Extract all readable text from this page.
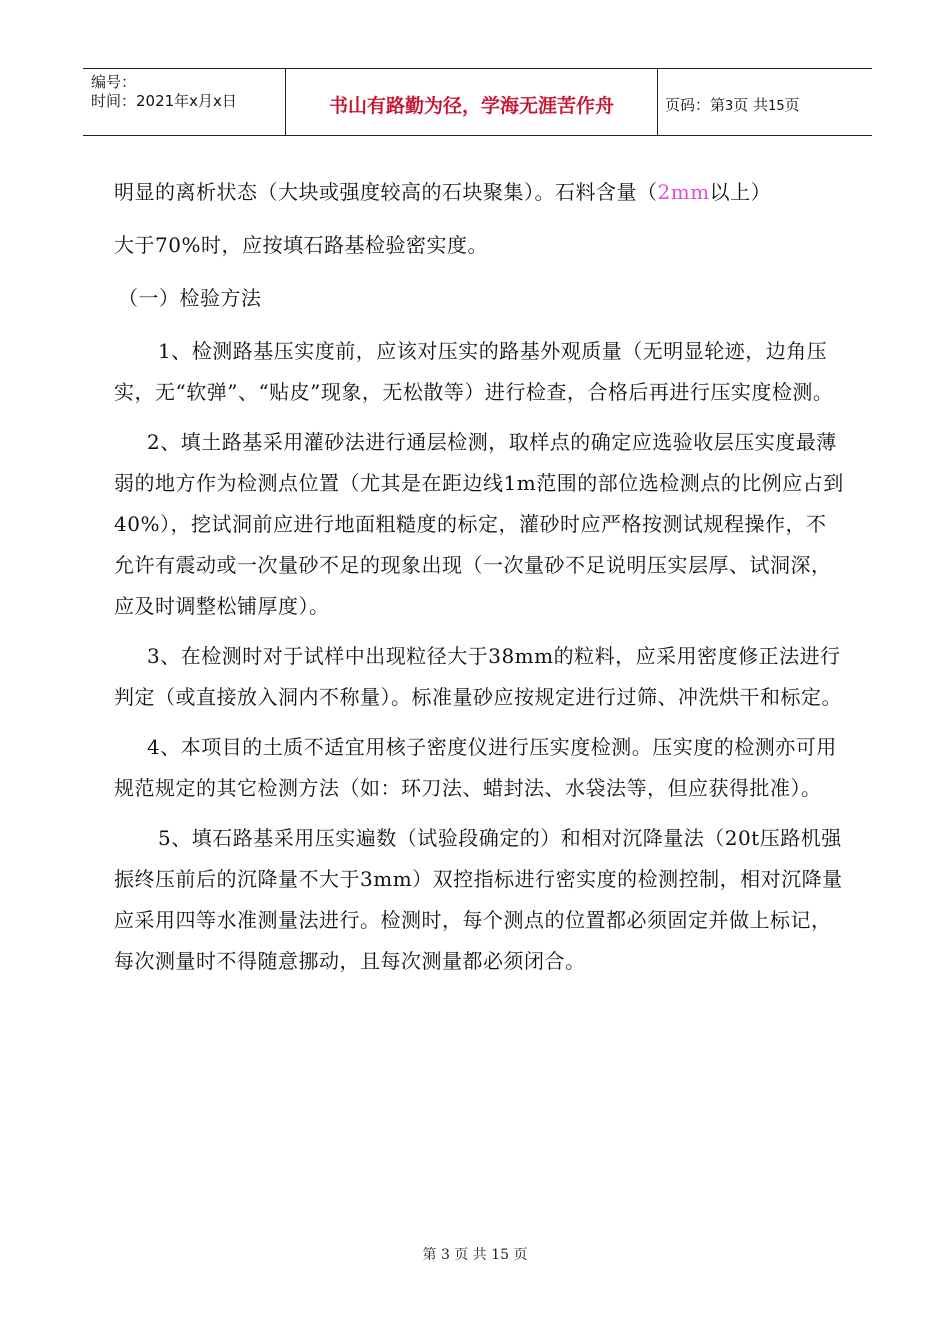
编号：
时间：2021年x月x日	书山有路勤为径，学海无涯苦作舟	页码：第3页 共15页

明显的离析状态（大块或强度较高的石块聚集）。石料含量（2mm以上）

大于70%时，应按填石路基检验密实度。

（一）检验方法

1、检测路基压实度前，应该对压实的路基外观质量（无明显轮迹，边角压实，无“软弹”、“贴皮”现象，无松散等）进行检查，合格后再进行压实度检测。

2、填土路基采用灌砂法进行通层检测，取样点的确定应选验收层压实度最薄弱的地方作为检测点位置（尤其是在距边线1m范围的部位选检测点的比例应占到40%），挖试洞前应进行地面粗糙度的标定，灌砂时应严格按测试规程操作，不允许有震动或一次量砂不足的现象出现（一次量砂不足说明压实层厚、试洞深，应及时调整松铺厚度）。

3、在检测时对于试样中出现粒径大于38mm的粒料，应采用密度修正法进行判定（或直接放入洞内不称量）。标准量砂应按规定进行过筛、冲洗烘干和标定。

4、本项目的土质不适宜用核子密度仪进行压实度检测。压实度的检测亦可用规范规定的其它检测方法（如：环刀法、蜡封法、水袋法等，但应获得批准）。

5、填石路基采用压实遍数（试验段确定的）和相对沉降量法（20t压路机强振终压前后的沉降量不大于3mm）双控指标进行密实度的检测控制，相对沉降量应采用四等水准测量法进行。检测时，每个测点的位置都必须固定并做上标记，每次测量时不得随意挪动，且每次测量都必须闭合。

第 3 页 共 15 页
